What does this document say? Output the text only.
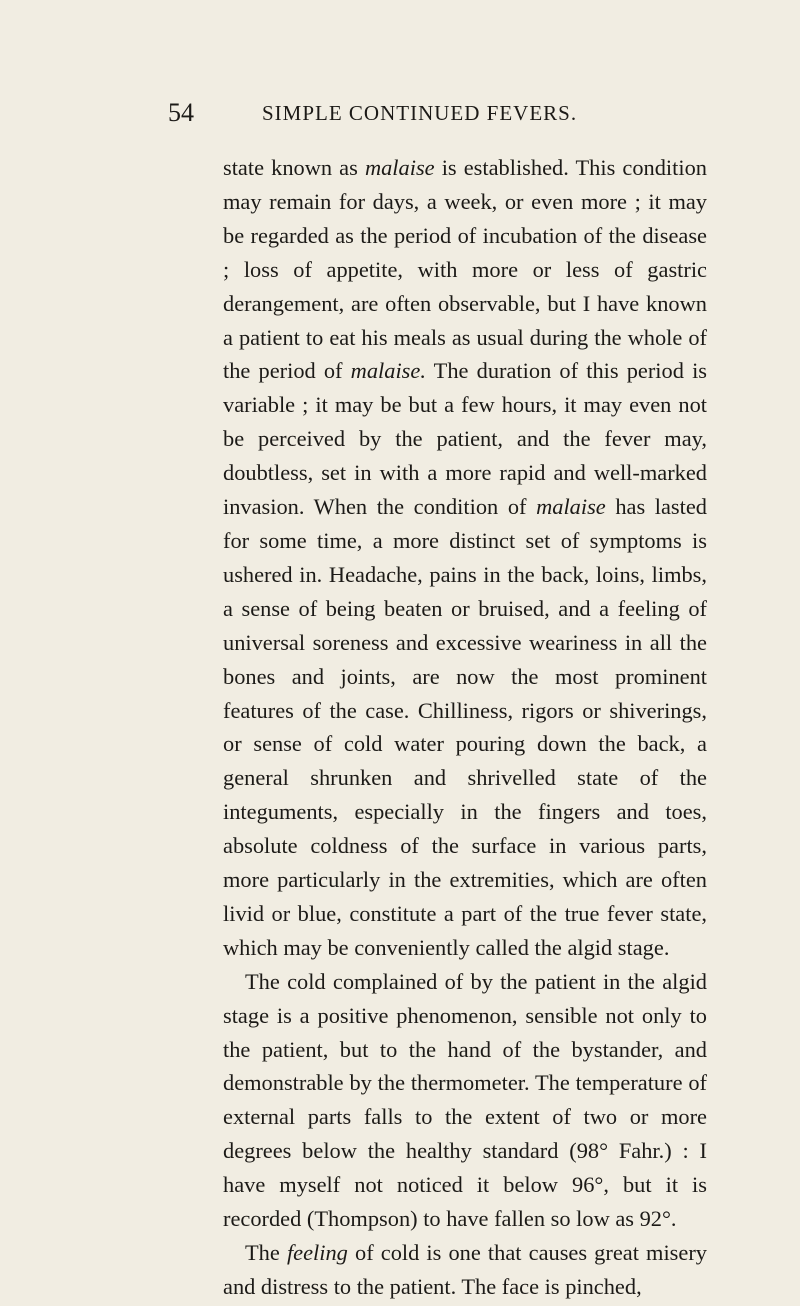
54	SIMPLE CONTINUED FEVERS.

state known as malaise is established. This condition may remain for days, a week, or even more ; it may be regarded as the period of incubation of the disease ; loss of appetite, with more or less of gastric derangement, are often observable, but I have known a patient to eat his meals as usual during the whole of the period of malaise. The duration of this period is variable ; it may be but a few hours, it may even not be perceived by the patient, and the fever may, doubtless, set in with a more rapid and well-marked invasion. When the condition of malaise has lasted for some time, a more distinct set of symptoms is ushered in. Headache, pains in the back, loins, limbs, a sense of being beaten or bruised, and a feeling of universal soreness and excessive weariness in all the bones and joints, are now the most prominent features of the case. Chilliness, rigors or shiverings, or sense of cold water pouring down the back, a general shrunken and shrivelled state of the integuments, especially in the fingers and toes, absolute coldness of the surface in various parts, more particularly in the extremities, which are often livid or blue, constitute a part of the true fever state, which may be conveniently called the algid stage.

The cold complained of by the patient in the algid stage is a positive phenomenon, sensible not only to the patient, but to the hand of the bystander, and demonstrable by the thermometer. The temperature of external parts falls to the extent of two or more degrees below the healthy standard (98° Fahr.) : I have myself not noticed it below 96°, but it is recorded (Thompson) to have fallen so low as 92°.

The feeling of cold is one that causes great misery and distress to the patient. The face is pinched,
